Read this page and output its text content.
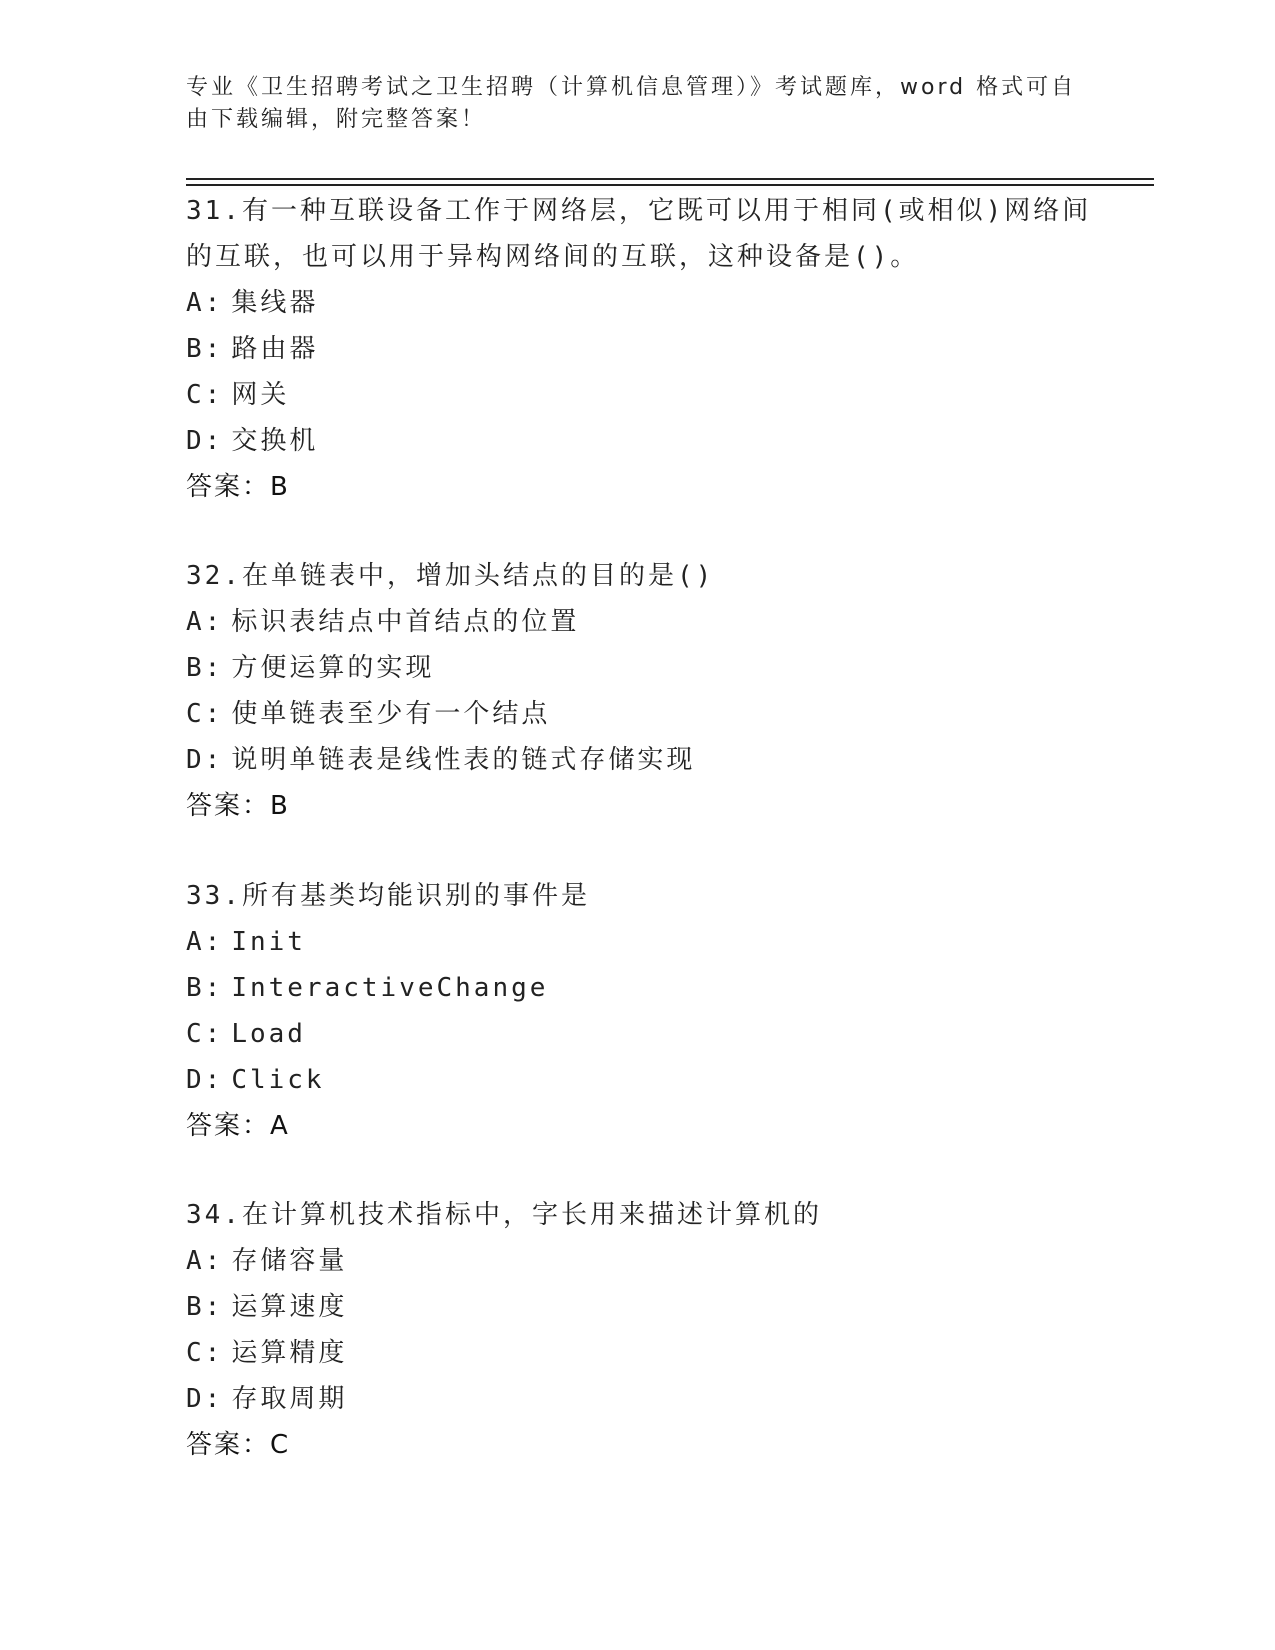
专业《卫生招聘考试之卫生招聘（计算机信息管理）》考试题库，word 格式可自
由下载编辑，附完整答案！
31.有一种互联设备工作于网络层，它既可以用于相同(或相似)网络间
的互联，也可以用于异构网络间的互联，这种设备是()。
A: 集线器
B: 路由器
C: 网关
D: 交换机
答案：B
32.在单链表中，增加头结点的目的是()
A: 标识表结点中首结点的位置
B: 方便运算的实现
C: 使单链表至少有一个结点
D: 说明单链表是线性表的链式存储实现
答案：B
33.所有基类均能识别的事件是
A: Init
B: InteractiveChange
C: Load
D: Click
答案：A
34.在计算机技术指标中，字长用来描述计算机的
A: 存储容量
B: 运算速度
C: 运算精度
D: 存取周期
答案：C
